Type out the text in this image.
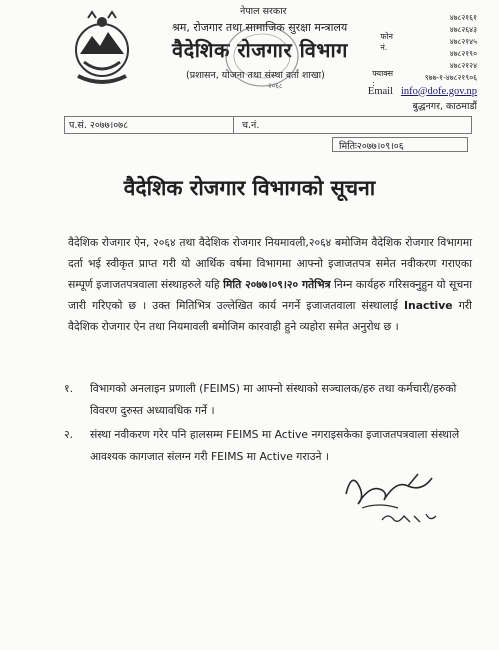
नेपाल सरकार
श्रम, रोजगार तथा सामाजिक सुरक्षा मन्त्रालय
वैदेशिक रोजगार विभाग
(प्रशासन, योजना तथा संस्था दर्ता शाखा)
२०६८
४७८२१६१
४७८२६४३
फोन नं.
४७८२१४५
४७८२१९०
४७८२१२४
फ्याक्स :
९७७-१-४७८२१९०६
Email info@dofe.gov.np
बुद्धनगर, काठमाडौं
प.सं. २०७७।०७८	च.नं.
मितिः२०७७।०९।०६
वैदेशिक रोजगार विभागको सूचना
वैदेशिक रोजगार ऐन, २०६४ तथा वैदेशिक रोजगार नियमावली,२०६४ बमोजिम वैदेशिक रोजगार विभागमा दर्ता भई स्वीकृत प्राप्त गरी यो आर्थिक वर्षमा विभागमा आफ्नो इजाजतपत्र समेत नवीकरण गराएका सम्पूर्ण इजाजतपत्रवाला संस्थाहरुले यहि मिति २०७७।०९।२० गतेभित्र निम्न कार्यहरु गरिसक्नुहुन यो सूचना जारी गरिएको छ । उक्त मितिभित्र उल्लेखित कार्य नगर्ने इजाजतवाला संस्थालाई Inactive गरी वैदेशिक रोजगार ऐन तथा नियमावली बमोजिम कारवाही हुने व्यहोरा समेत अनुरोध छ ।
१. विभागको अनलाइन प्रणाली (FEIMS) मा आफ्नो संस्थाको सञ्चालक/हरु तथा कर्मचारी/हरुको विवरण दुरुस्त अध्यावधिक गर्ने ।
२. संस्था नवीकरण गरेर पनि हालसम्म FEIMS मा Active नगराइसकेका इजाजतपत्रवाला संस्थाले आवश्यक कागजात संलग्न गरी FEIMS मा Active गराउने ।
